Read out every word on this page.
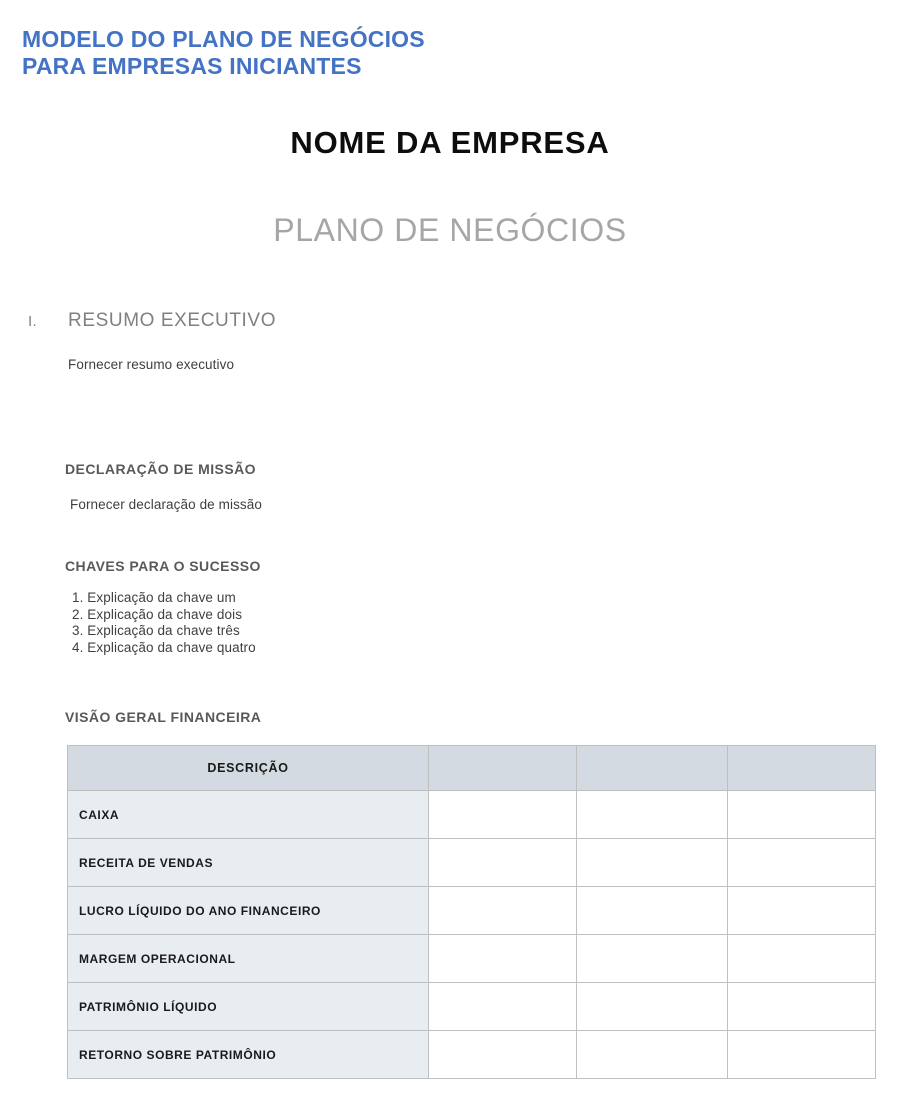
MODELO DO PLANO DE NEGÓCIOS
PARA EMPRESAS INICIANTES
NOME DA EMPRESA
PLANO DE NEGÓCIOS
I. RESUMO EXECUTIVO
Fornecer resumo executivo
DECLARAÇÃO DE MISSÃO
Fornecer declaração de missão
CHAVES PARA O SUCESSO
1. Explicação da chave um
2. Explicação da chave dois
3. Explicação da chave três
4. Explicação da chave quatro
VISÃO GERAL FINANCEIRA
DESCRIÇÃO			
CAIXA			
RECEITA DE VENDAS			
LUCRO LÍQUIDO DO ANO FINANCEIRO			
MARGEM OPERACIONAL			
PATRIMÔNIO LÍQUIDO			
RETORNO SOBRE PATRIMÔNIO			
